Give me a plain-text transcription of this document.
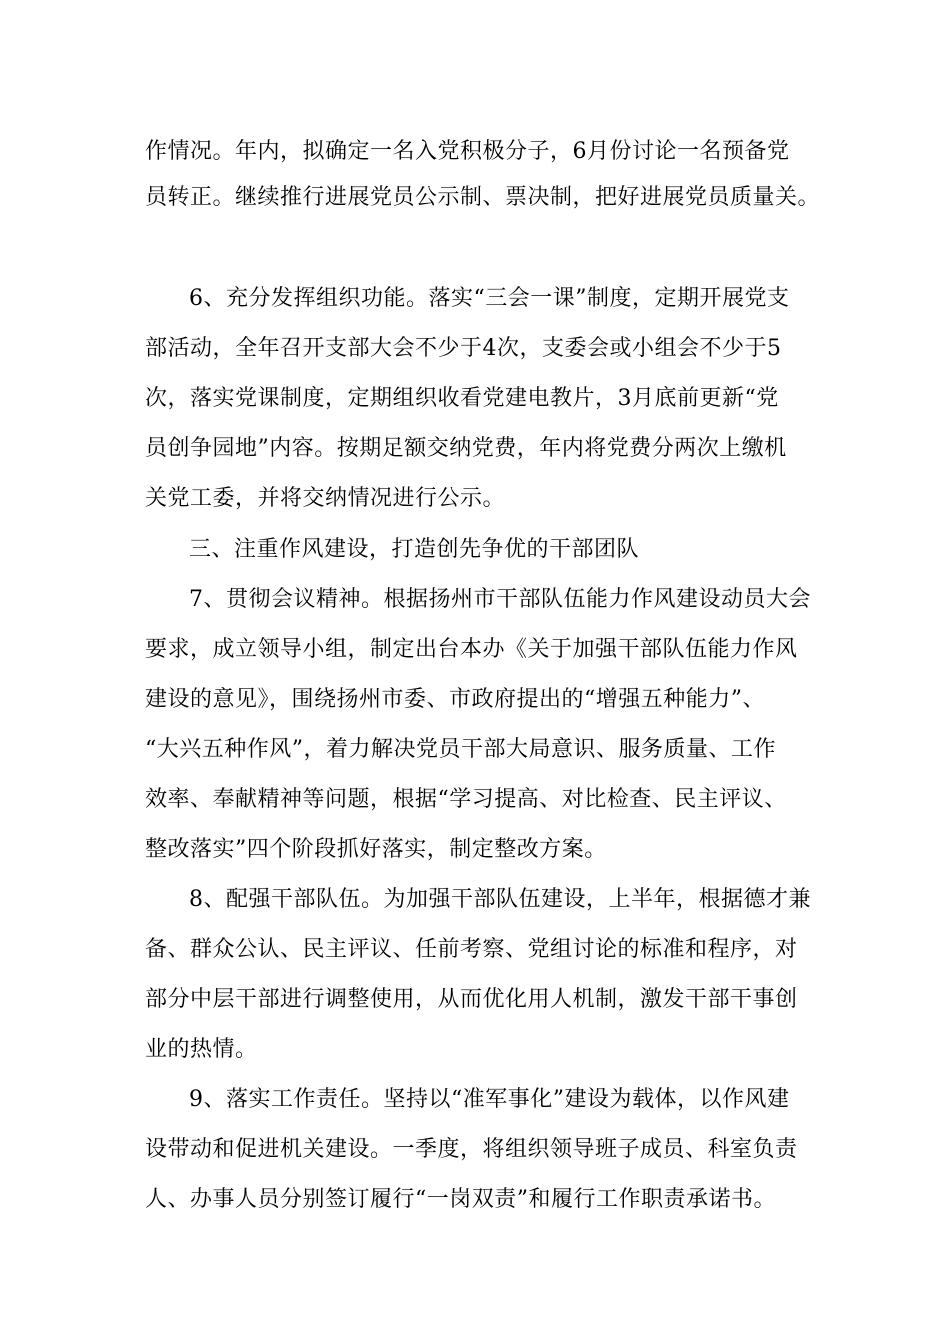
作情况。年内，拟确定一名入党积极分子，6月份讨论一名预备党
员转正。继续推行进展党员公示制、票决制，把好进展党员质量关。
6、充分发挥组织功能。落实“三会一课”制度，定期开展党支
部活动，全年召开支部大会不少于4次，支委会或小组会不少于5
次，落实党课制度，定期组织收看党建电教片，3月底前更新“党
员创争园地”内容。按期足额交纳党费，年内将党费分两次上缴机
关党工委，并将交纳情况进行公示。
三、注重作风建设，打造创先争优的干部团队
7、贯彻会议精神。根据扬州市干部队伍能力作风建设动员大会
要求，成立领导小组，制定出台本办《关于加强干部队伍能力作风
建设的意见》，围绕扬州市委、市政府提出的“增强五种能力”、
“大兴五种作风”，着力解决党员干部大局意识、服务质量、工作
效率、奉献精神等问题，根据“学习提高、对比检查、民主评议、
整改落实”四个阶段抓好落实，制定整改方案。
8、配强干部队伍。为加强干部队伍建设，上半年，根据德才兼
备、群众公认、民主评议、任前考察、党组讨论的标准和程序，对
部分中层干部进行调整使用，从而优化用人机制，激发干部干事创
业的热情。
9、落实工作责任。坚持以“准军事化”建设为载体，以作风建
设带动和促进机关建设。一季度，将组织领导班子成员、科室负责
人、办事人员分别签订履行“一岗双责”和履行工作职责承诺书。
